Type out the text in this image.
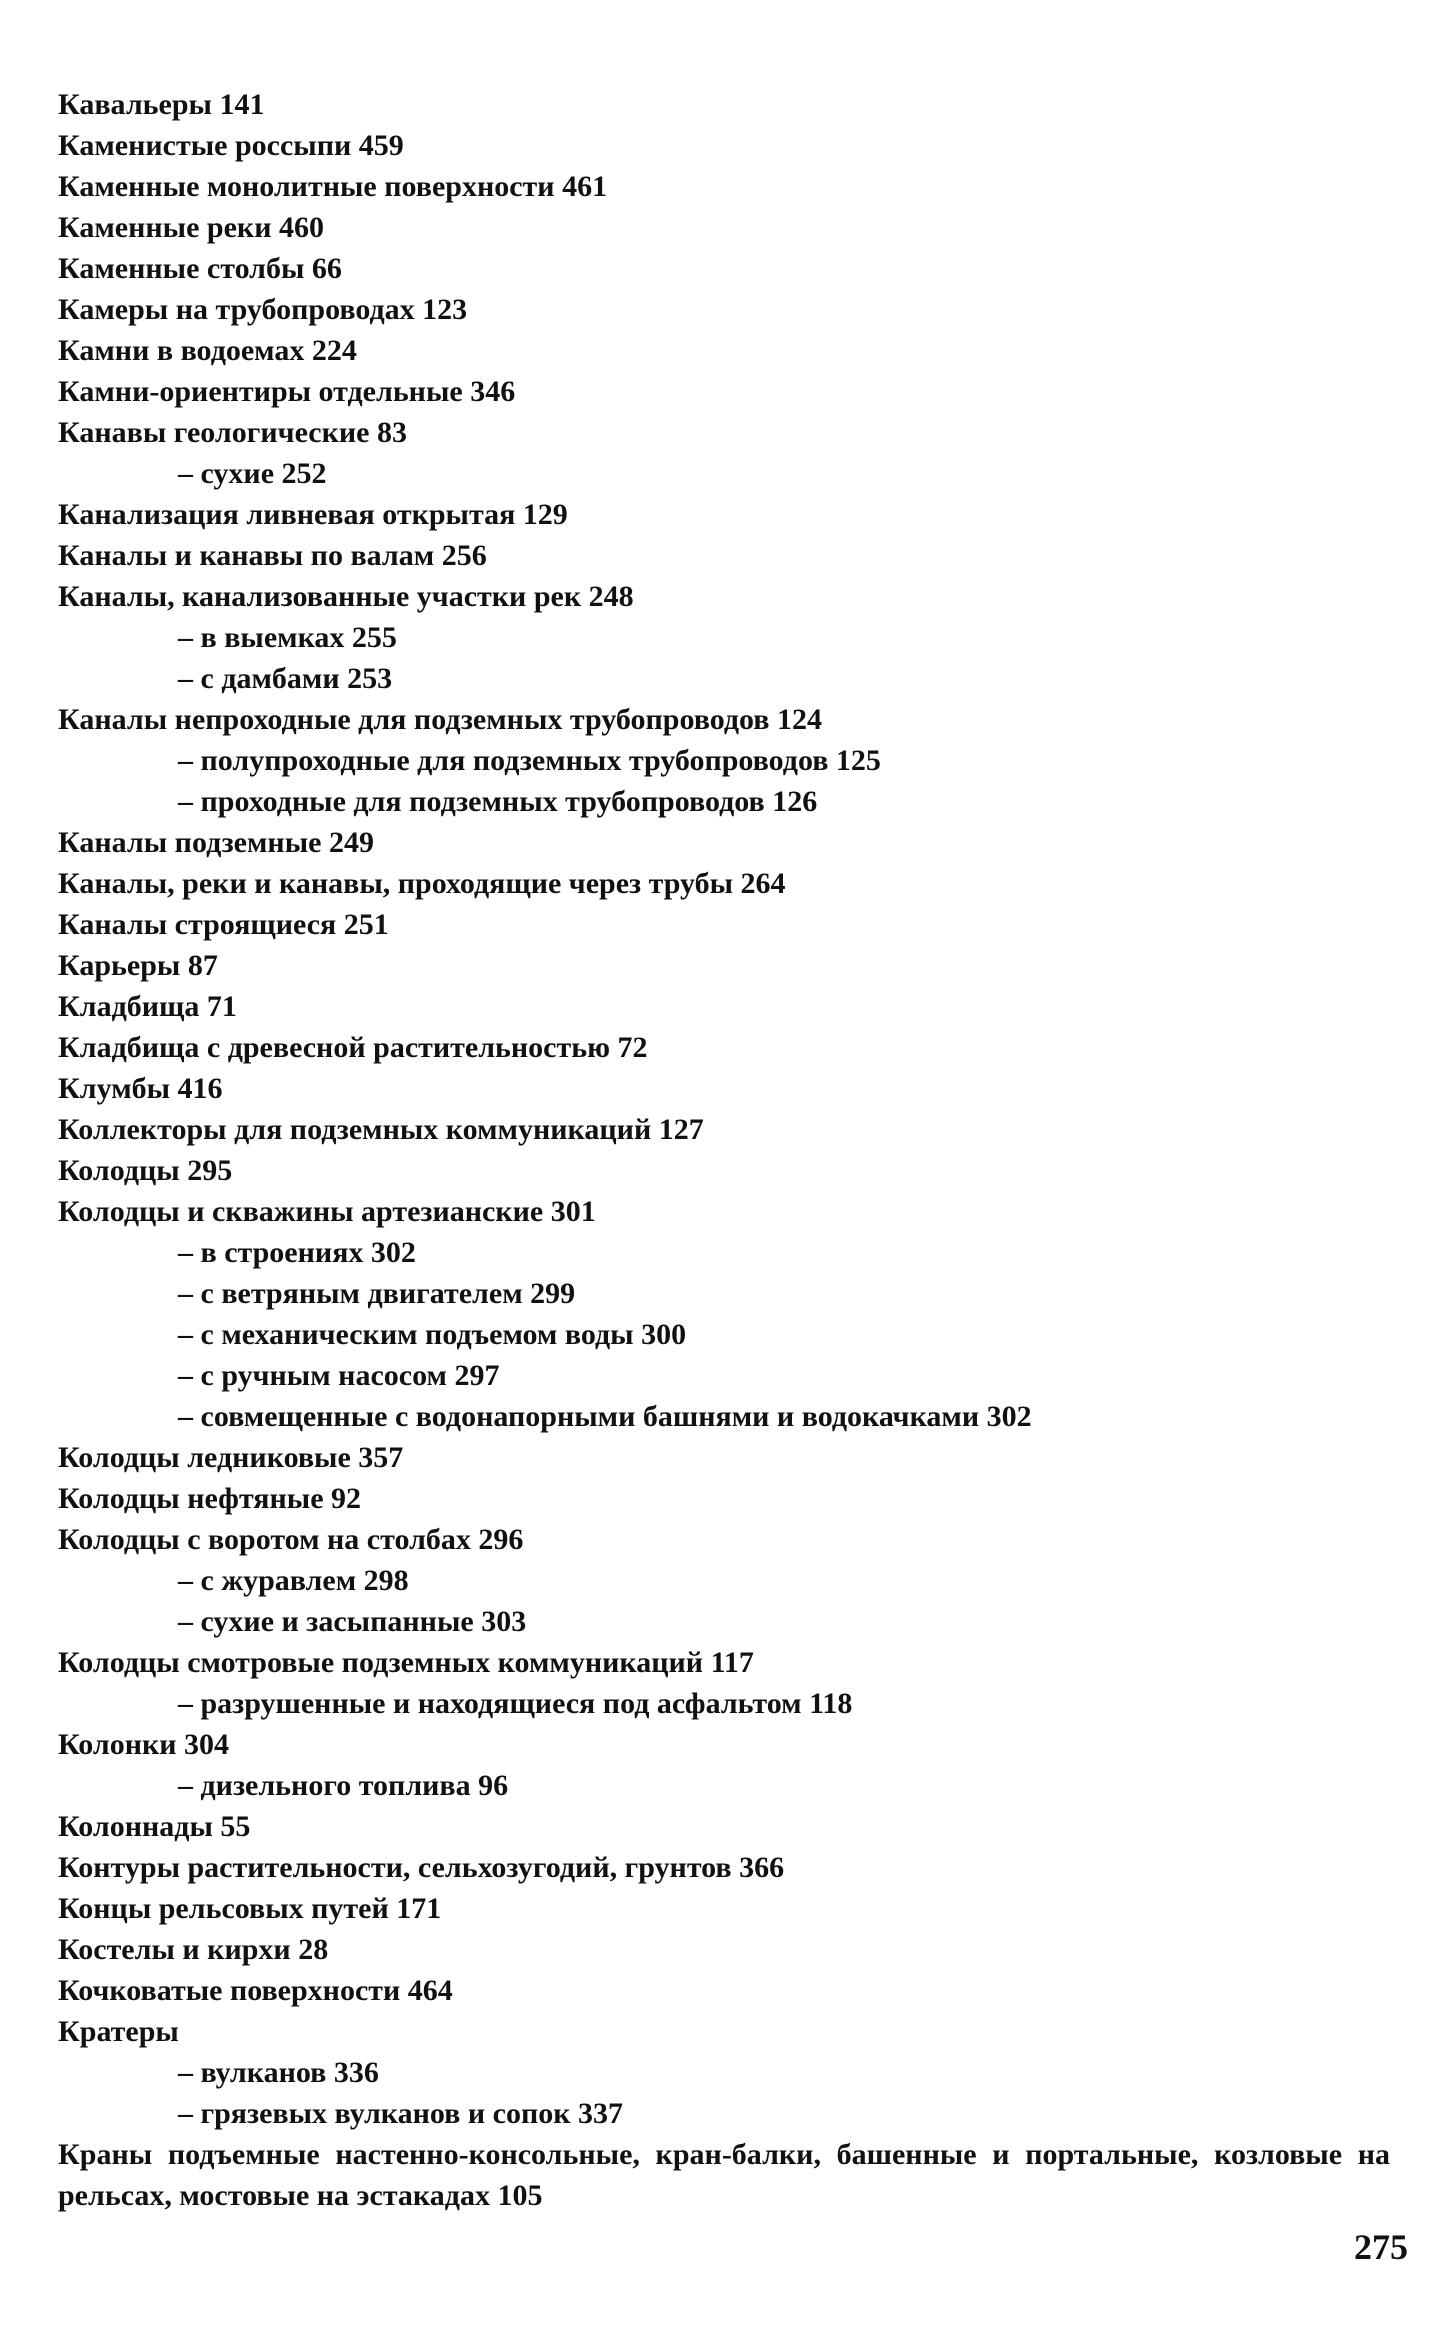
Кавальеры 141
Каменистые россыпи 459
Каменные монолитные поверхности 461
Каменные реки 460
Каменные столбы 66
Камеры на трубопроводах 123
Камни в водоемах 224
Камни-ориентиры отдельные 346
Канавы геологические 83
– сухие 252
Канализация ливневая открытая 129
Каналы и канавы по валам 256
Каналы, канализованные участки рек 248
– в выемках 255
– с дамбами 253
Каналы непроходные для подземных трубопроводов 124
– полупроходные для подземных трубопроводов 125
– проходные для подземных трубопроводов 126
Каналы подземные 249
Каналы, реки и канавы, проходящие через трубы 264
Каналы строящиеся 251
Карьеры 87
Кладбища 71
Кладбища с древесной растительностью 72
Клумбы 416
Коллекторы для подземных коммуникаций 127
Колодцы 295
Колодцы и скважины артезианские 301
– в строениях 302
– с ветряным двигателем 299
– с механическим подъемом воды 300
– с ручным насосом 297
– совмещенные с водонапорными башнями и водокачками 302
Колодцы ледниковые 357
Колодцы нефтяные 92
Колодцы с воротом на столбах 296
– с журавлем 298
– сухие и засыпанные 303
Колодцы смотровые подземных коммуникаций 117
– разрушенные и находящиеся под асфальтом 118
Колонки 304
– дизельного топлива 96
Колоннады 55
Контуры растительности, сельхозугодий, грунтов 366
Концы рельсовых путей 171
Костелы и кирхи 28
Кочковатые поверхности 464
Кратеры
– вулканов 336
– грязевых вулканов и сопок 337
Краны подъемные настенно-консольные, кран-балки, башенные и портальные, козловые на рельсах, мостовые на эстакадах 105
275
